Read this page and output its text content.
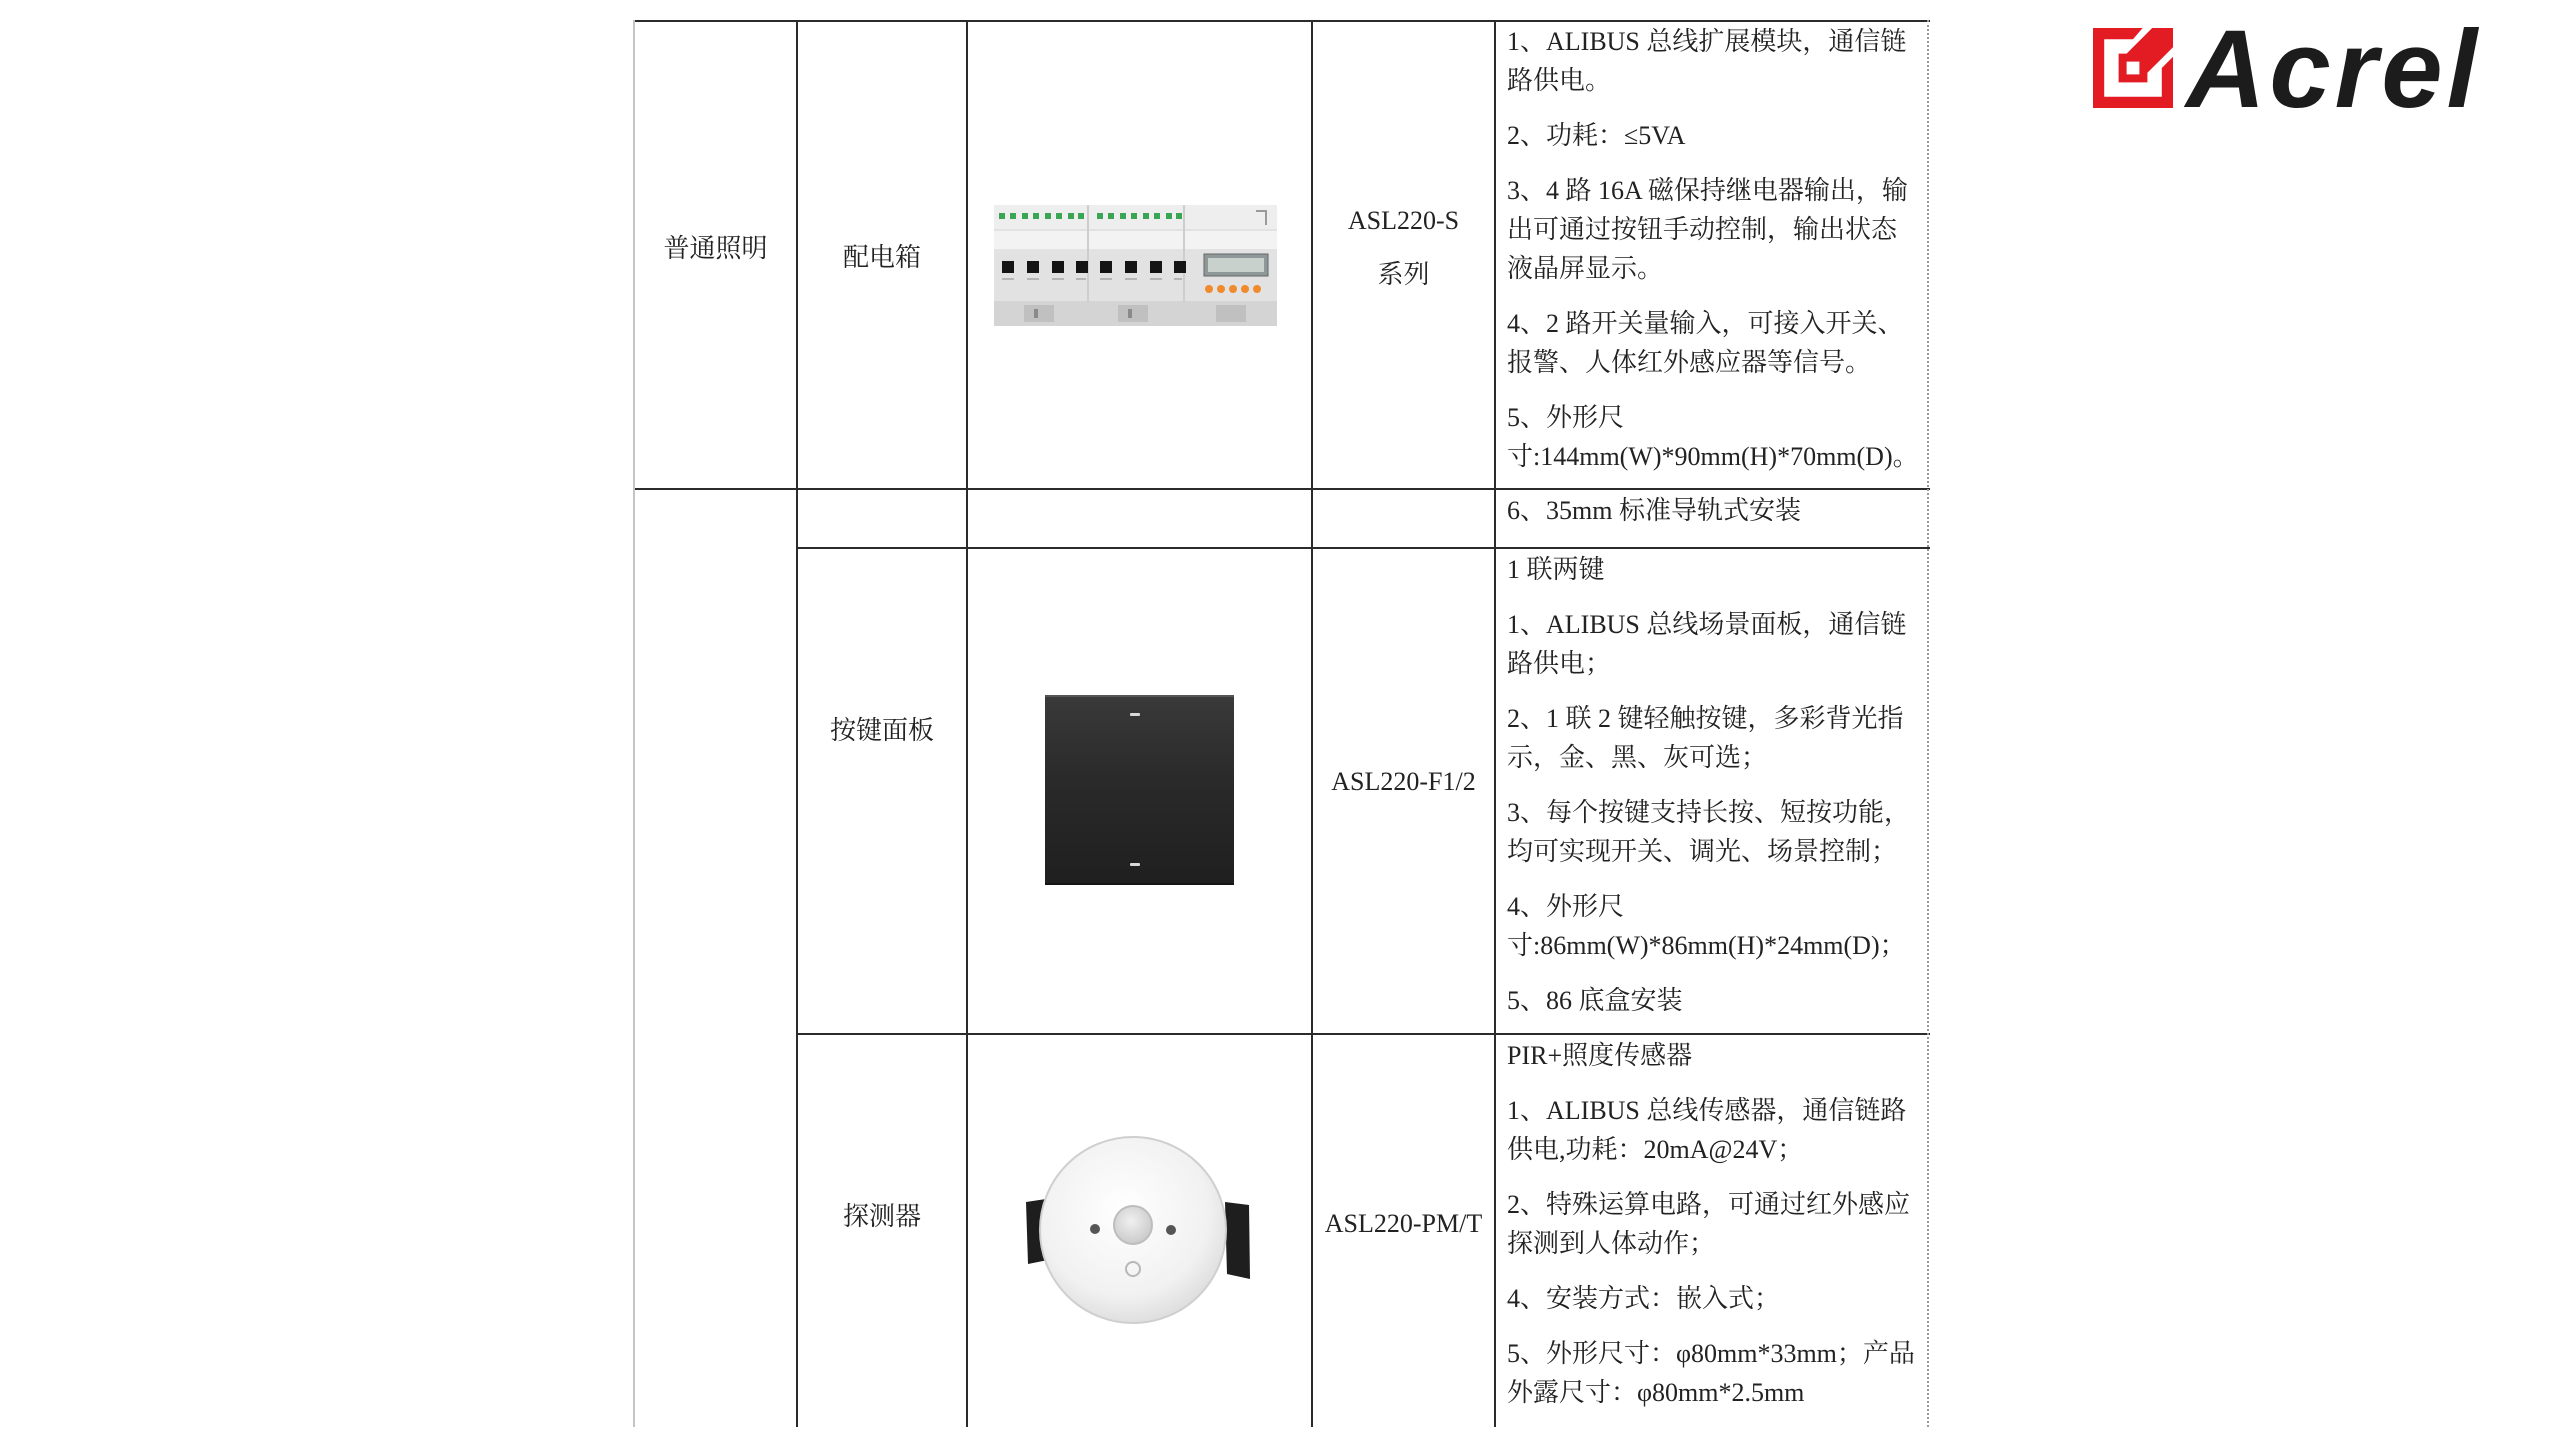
Acrel
普通照明	配电箱
ASL220-S
系列

1、ALIBUS 总线扩展模块，通信链路供电。

2、功耗：≤5VA

3、4 路 16A 磁保持继电器输出，输出可通过按钮手动控制，输出状态液晶屏显示。

4、2 路开关量输入，可接入开关、报警、人体红外感应器等信号。

5、外形尺寸:144mm(W)*90mm(H)*70mm(D)。

6、35mm 标准导轨式安装

按键面板
ASL220-F1/2

1 联两键

1、ALIBUS 总线场景面板，通信链路供电；

2、1 联 2 键轻触按键，多彩背光指示，金、黑、灰可选；

3、每个按键支持长按、短按功能，均可实现开关、调光、场景控制；

4、外形尺寸:86mm(W)*86mm(H)*24mm(D)；

5、86 底盒安装

探测器	ASL220-PM/T

PIR+照度传感器

1、ALIBUS 总线传感器，通信链路供电,功耗：20mA@24V；

2、特殊运算电路，可通过红外感应探测到人体动作；

4、安装方式：嵌入式；

5、外形尺寸：φ80mm*33mm；产品外露尺寸：φ80mm*2.5mm
